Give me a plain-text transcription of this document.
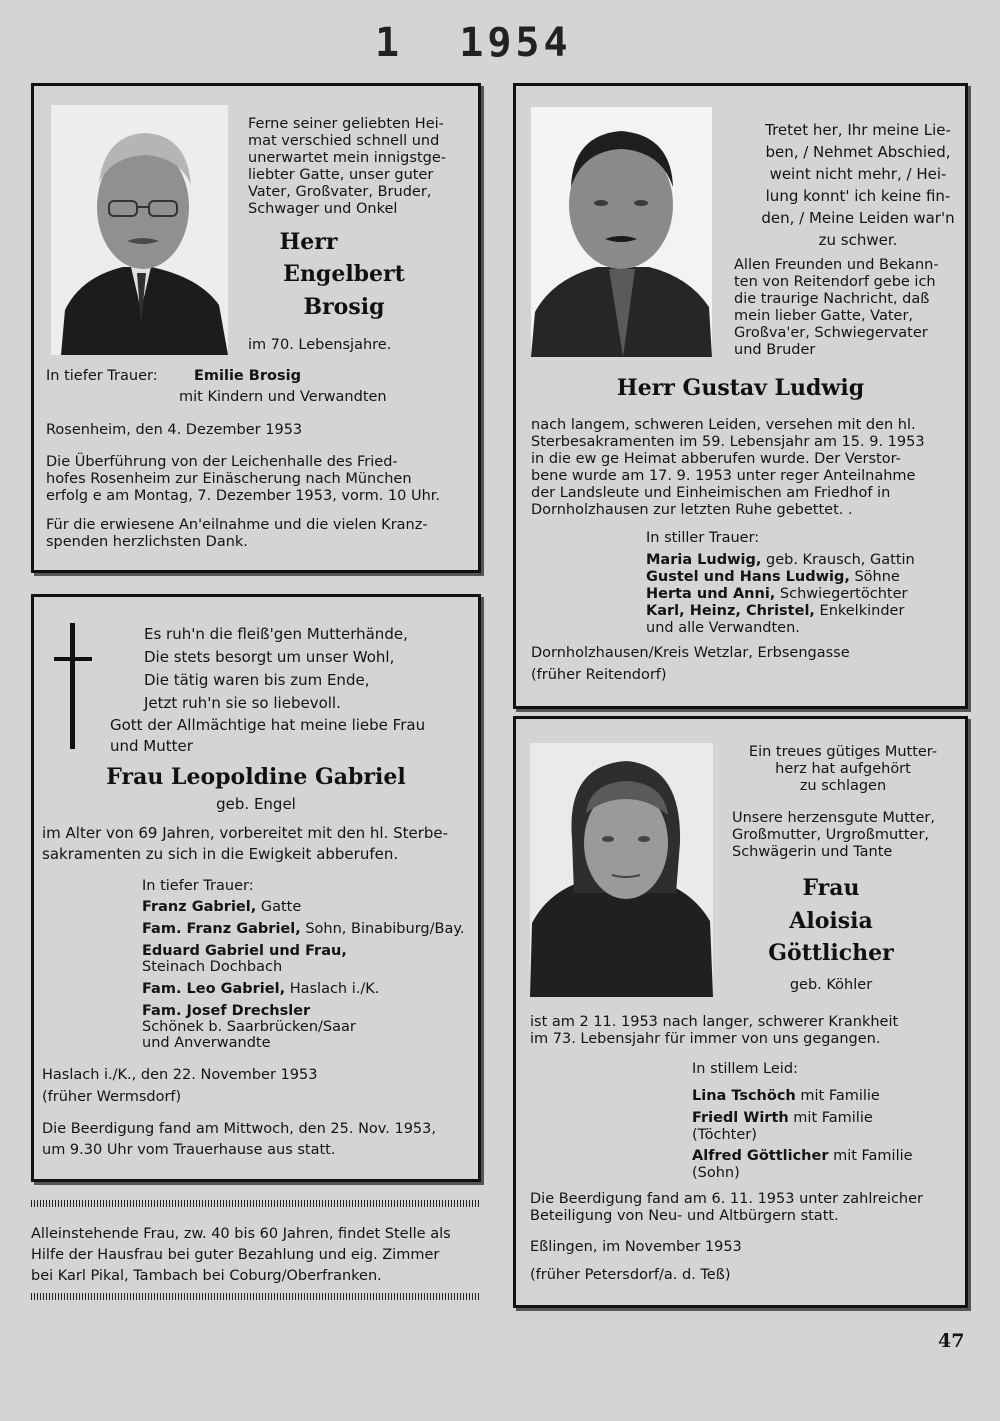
1  1954
Ferne seiner geliebten Hei-
mat verschied schnell und
unerwartet mein innigstge-
liebter Gatte, unser guter
Vater, Großvater, Bruder,
Schwager und Onkel
Herr
Engelbert
Brosig
im 70. Lebensjahre.
In tiefer Trauer:	Emilie Brosig
mit Kindern und Verwandten
Rosenheim, den 4. Dezember 1953
Die Überführung von der Leichenhalle des Fried-
hofes Rosenheim zur Einäscherung nach München
erfolg e am Montag, 7. Dezember 1953, vorm. 10 Uhr.
Für die erwiesene An'eilnahme und die vielen Kranz-
spenden herzlichsten Dank.
Tretet her, Ihr meine Lie-
ben, / Nehmet Abschied,
weint nicht mehr, / Hei-
lung konnt' ich keine fin-
den, / Meine Leiden war'n
zu schwer.
Allen Freunden und Bekann-
ten von Reitendorf gebe ich
die traurige Nachricht, daß
mein lieber Gatte, Vater,
Großva'er, Schwiegervater
und Bruder
Herr Gustav Ludwig
nach langem, schweren Leiden, versehen mit den hl.
Sterbesakramenten im 59. Lebensjahr am 15. 9. 1953
in die ew ge Heimat abberufen wurde. Der Verstor-
bene wurde am 17. 9. 1953 unter reger Anteilnahme
der Landsleute und Einheimischen am Friedhof in
Dornholzhausen zur letzten Ruhe gebettet. .
In stiller Trauer:
Maria Ludwig, geb. Krausch, Gattin
Gustel und Hans Ludwig, Söhne
Herta und Anni, Schwiegertöchter
Karl, Heinz, Christel, Enkelkinder
und alle Verwandten.
Dornholzhausen/Kreis Wetzlar, Erbsengasse
(früher Reitendorf)
Es ruh'n die fleiß'gen Mutterhände,
Die stets besorgt um unser Wohl,
Die tätig waren bis zum Ende,
Jetzt ruh'n sie so liebevoll.
Gott der Allmächtige hat meine liebe Frau
und Mutter
Frau Leopoldine Gabriel
geb. Engel
im Alter von 69 Jahren, vorbereitet mit den hl. Sterbe-
sakramenten zu sich in die Ewigkeit abberufen.
In tiefer Trauer:
Franz Gabriel, Gatte
Fam. Franz Gabriel, Sohn, Binabiburg/Bay.
Eduard Gabriel und Frau,
Steinach Dochbach
Fam. Leo Gabriel, Haslach i./K.
Fam. Josef Drechsler
Schönek b. Saarbrücken/Saar
und Anverwandte
Haslach i./K., den 22. November 1953
(früher Wermsdorf)
Die Beerdigung fand am Mittwoch, den 25. Nov. 1953,
um 9.30 Uhr vom Trauerhause aus statt.
Alleinstehende Frau, zw. 40 bis 60 Jahren, findet Stelle als
Hilfe der Hausfrau bei guter Bezahlung und eig. Zimmer
bei Karl Pikal, Tambach bei Coburg/Oberfranken.
Ein treues gütiges Mutter-
herz hat aufgehört
zu schlagen
Unsere herzensgute Mutter,
Großmutter, Urgroßmutter,
Schwägerin und Tante
Frau
Aloisia
Göttlicher
geb. Köhler
ist am 2 11. 1953 nach langer, schwerer Krankheit
im 73. Lebensjahr für immer von uns gegangen.
In stillem Leid:
Lina Tschöch mit Familie
Friedl Wirth mit Familie
(Töchter)
Alfred Göttlicher mit Familie
(Sohn)
Die Beerdigung fand am 6. 11. 1953 unter zahlreicher
Beteiligung von Neu- und Altbürgern statt.
Eßlingen, im November 1953
(früher Petersdorf/a. d. Teß)
47
